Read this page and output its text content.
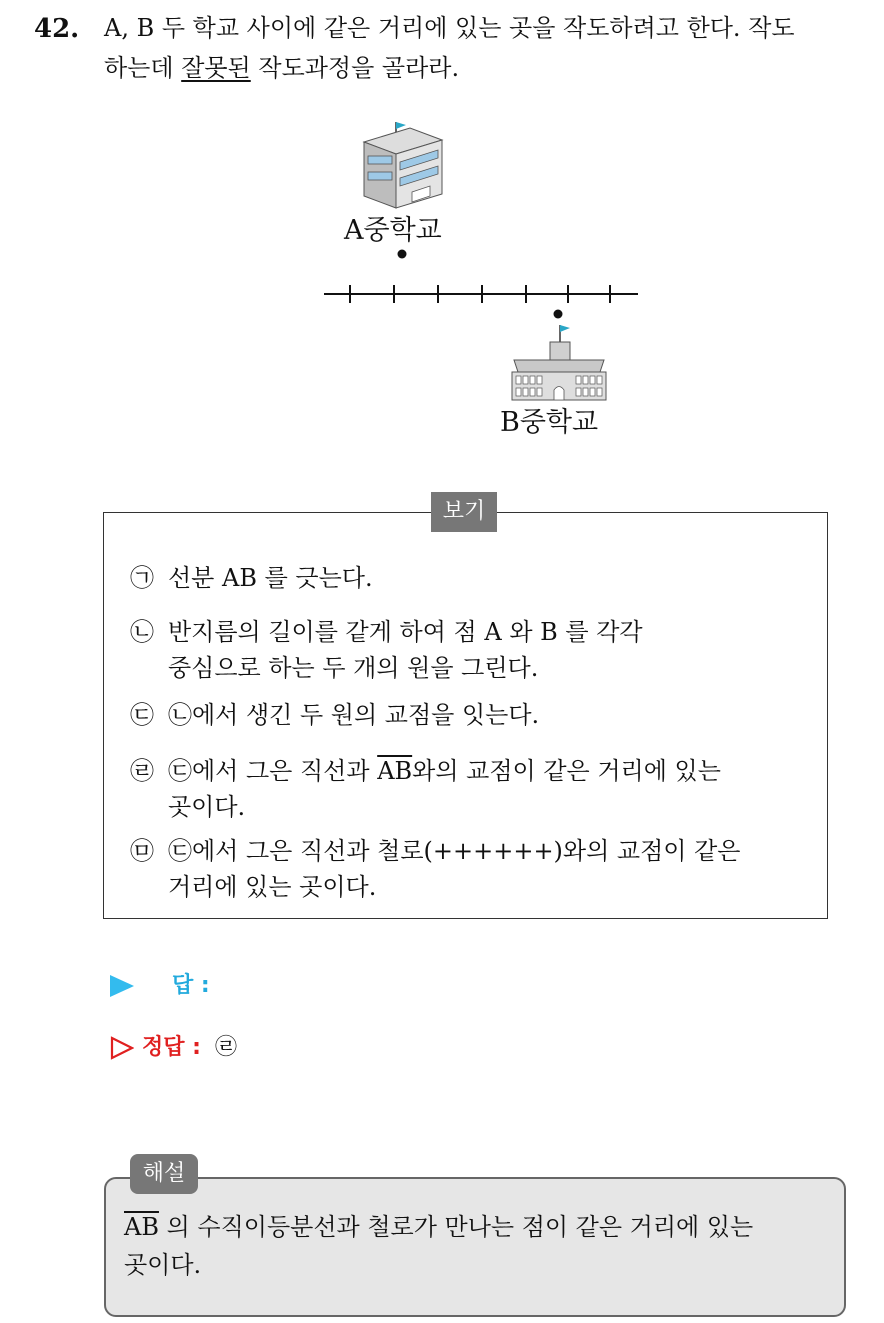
42. A, B 두 학교 사이에 같은 거리에 있는 곳을 작도하려고 한다. 작도
하는데 잘못된 작도과정을 골라라.
A중학교
B중학교
보기
㉠ 선분 AB 를 긋는다.
㉡ 반지름의 길이를 같게 하여 점 A 와 B 를 각각
중심으로 하는 두 개의 원을 그린다.
㉢ ㉡에서 생긴 두 원의 교점을 잇는다.
㉣ ㉢에서 그은 직선과 $\overline{AB}$와의 교점이 같은 거리에 있는
곳이다.
㉤ ㉢에서 그은 직선과 철로(++++++)와의 교점이 같은
거리에 있는 곳이다.
답 :
정답 : ㉣
해설
$\overline{AB}$ 의 수직이등분선과 철로가 만나는 점이 같은 거리에 있는
곳이다.
